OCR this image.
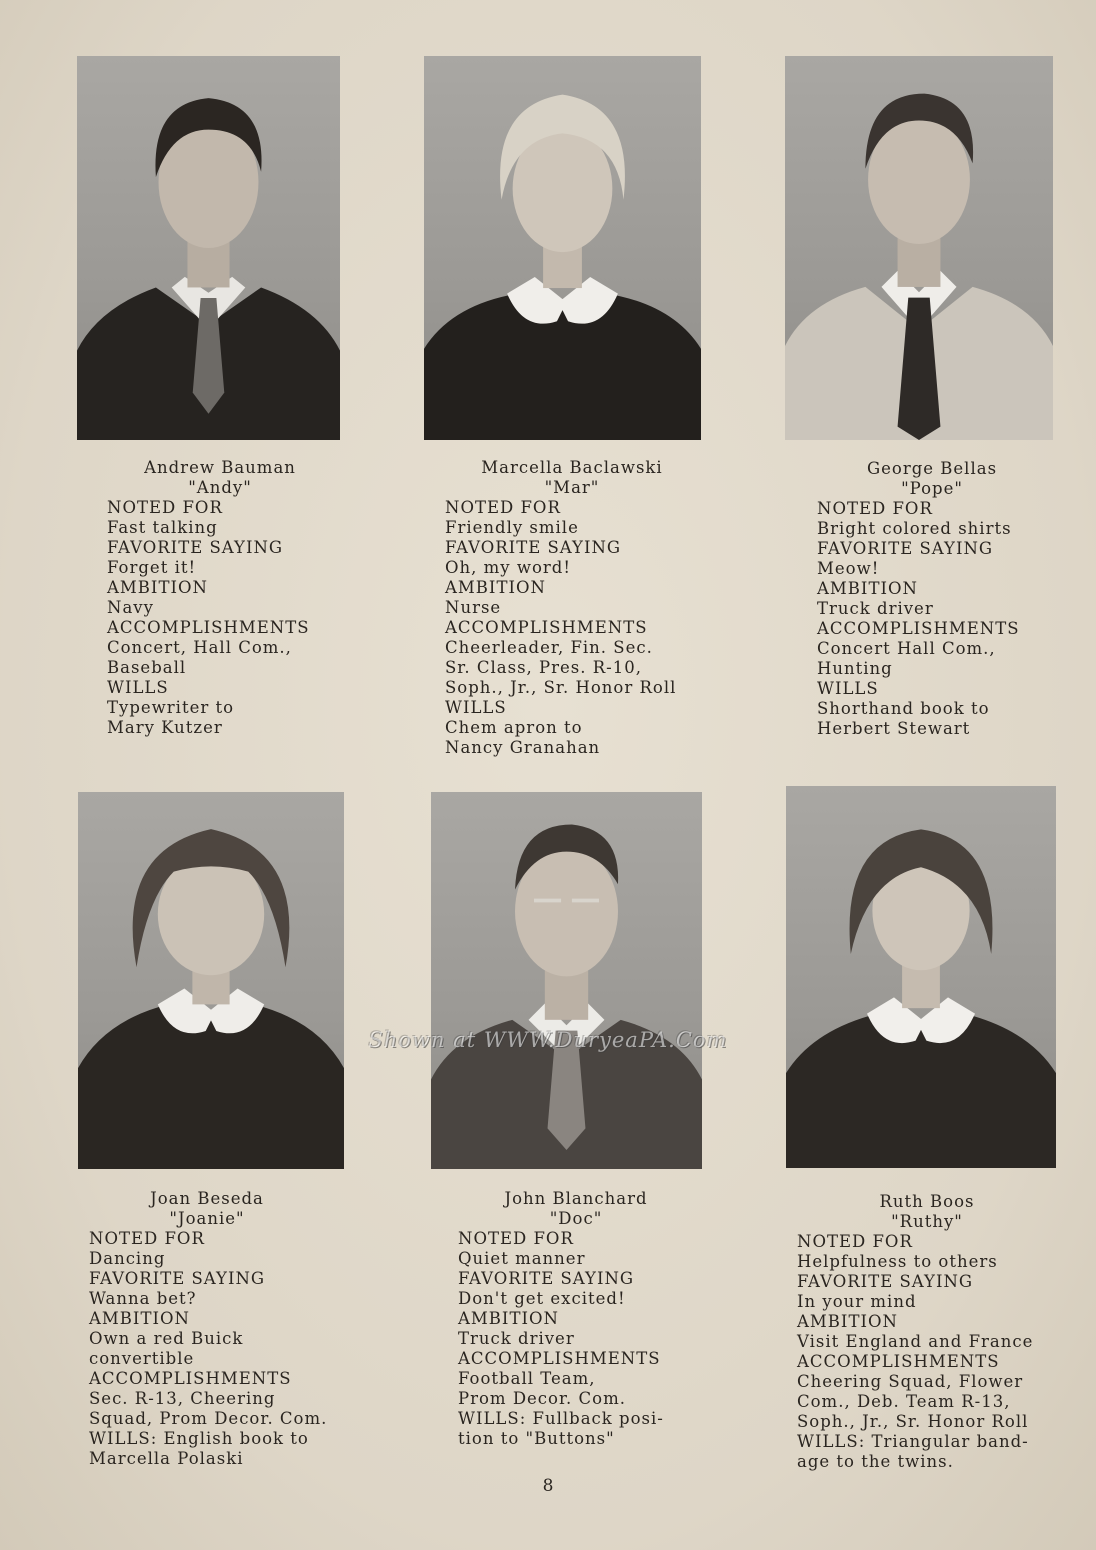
Andrew Bauman
"Andy"
NOTED FOR
Fast talking
FAVORITE SAYING
Forget it!
AMBITION
Navy
ACCOMPLISHMENTS
Concert, Hall Com.,
Baseball
WILLS
Typewriter to
Mary Kutzer
Marcella Baclawski
"Mar"
NOTED FOR
Friendly smile
FAVORITE SAYING
Oh, my word!
AMBITION
Nurse
ACCOMPLISHMENTS
Cheerleader, Fin. Sec.
Sr. Class, Pres. R-10,
Soph., Jr., Sr. Honor Roll
WILLS
Chem apron to
Nancy Granahan
George Bellas
"Pope"
NOTED FOR
Bright colored shirts
FAVORITE SAYING
Meow!
AMBITION
Truck driver
ACCOMPLISHMENTS
Concert Hall Com.,
Hunting
WILLS
Shorthand book to
Herbert Stewart
Joan Beseda
"Joanie"
NOTED FOR
Dancing
FAVORITE SAYING
Wanna bet?
AMBITION
Own a red Buick
convertible
ACCOMPLISHMENTS
Sec. R-13, Cheering
Squad, Prom Decor. Com.
WILLS: English book to
Marcella Polaski
John Blanchard
"Doc"
NOTED FOR
Quiet manner
FAVORITE SAYING
Don't get excited!
AMBITION
Truck driver
ACCOMPLISHMENTS
Football Team,
Prom Decor. Com.
WILLS: Fullback posi-
tion to "Buttons"
Ruth Boos
"Ruthy"
NOTED FOR
Helpfulness to others
FAVORITE SAYING
In your mind
AMBITION
Visit England and France
ACCOMPLISHMENTS
Cheering Squad, Flower
Com., Deb. Team R-13,
Soph., Jr., Sr. Honor Roll
WILLS: Triangular band-
age to the twins.
Shown at WWW.DuryeaPA.Com
8
